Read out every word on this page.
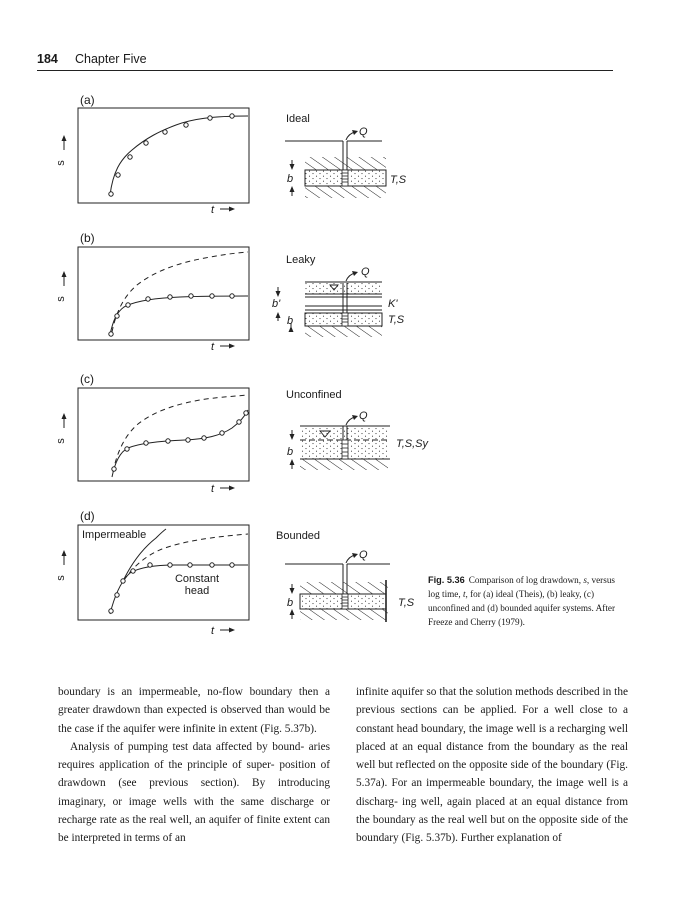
184 Chapter Five
(a)
s
t
Ideal
Q
b	T,S
(b)
s
t
Leaky
Q
b'
b
K'
T,S
(c)
s
t
Unconfined
Q
b
T,S,Sy
(d)
s
t
Impermeable
Constant
head
Bounded
Q
b	T,S
Fig. 5.36 Comparison of log drawdown, s, versus log time, t, for (a) ideal (Theis), (b) leaky, (c) unconfined and (d) bounded aquifer systems. After Freeze and Cherry (1979).

boundary is an impermeable, no-flow boundary then a greater drawdown than expected is observed than would be the case if the aquifer were infinite in extent (Fig. 5.37b).

Analysis of pumping test data affected by bound- aries requires application of the principle of super- position of drawdown (see previous section). By introducing imaginary, or image wells with the same discharge or recharge rate as the real well, an aquifer of finite extent can be interpreted in terms of an

infinite aquifer so that the solution methods described in the previous sections can be applied. For a well close to a constant head boundary, the image well is a recharging well placed at an equal distance from the boundary as the real well but reflected on the opposite side of the boundary (Fig. 5.37a). For an impermeable boundary, the image well is a discharg- ing well, again placed at an equal distance from the boundary as the real well but on the opposite side of the boundary (Fig. 5.37b). Further explanation of
